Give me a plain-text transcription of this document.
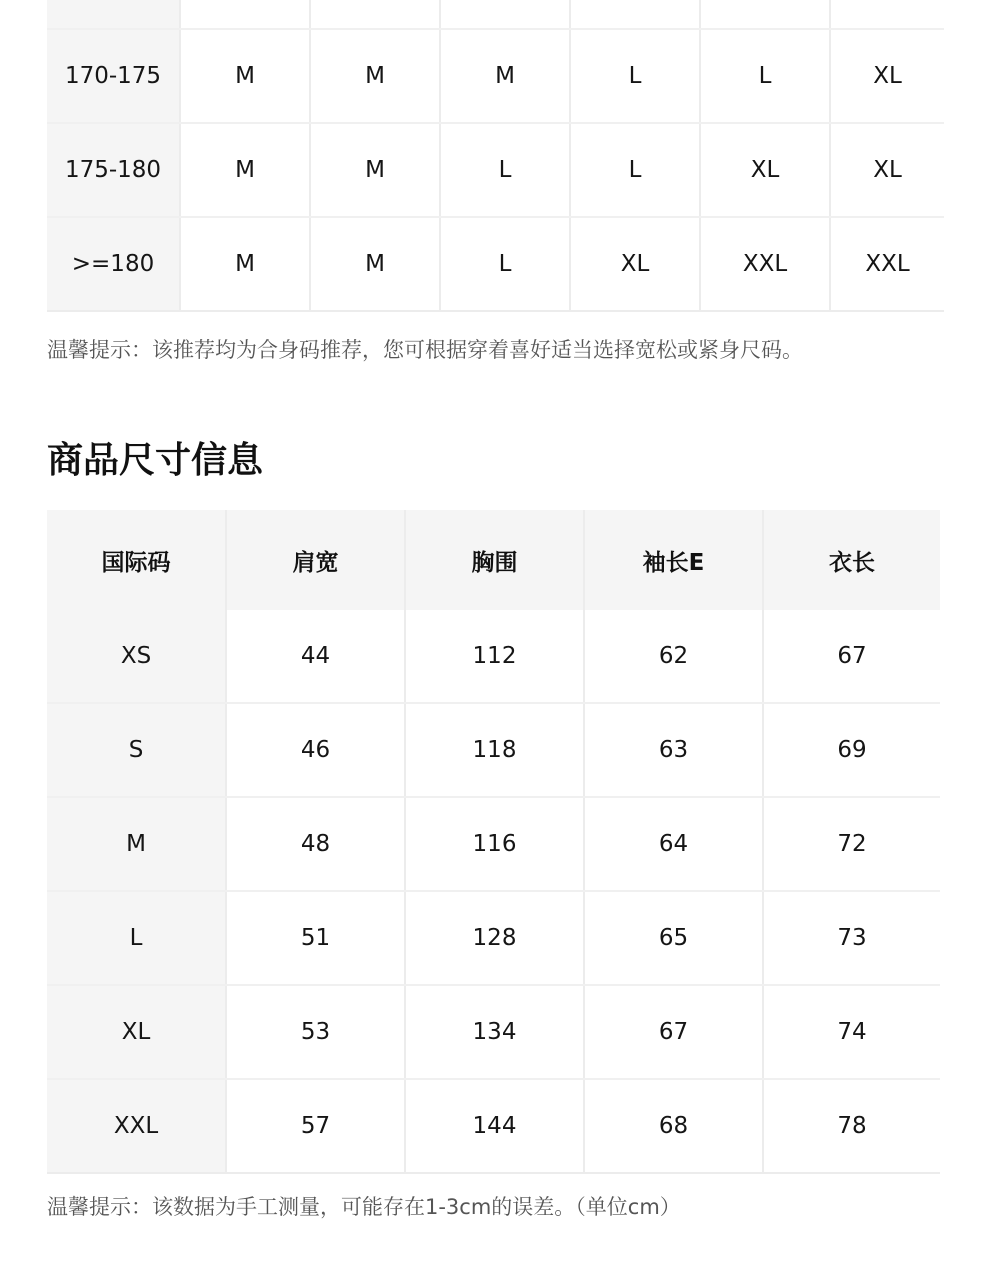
170-175	M	M	M	L	L	XL
175-180	M	M	L	L	XL	XL
>=180	M	M	L	XL	XXL	XXL
温馨提示：该推荐均为合身码推荐，您可根据穿着喜好适当选择宽松或紧身尺码。
商品尺寸信息
国际码	肩宽	胸围	袖长E	衣长
XS	44	112	62	67
S	46	118	63	69
M	48	116	64	72
L	51	128	65	73
XL	53	134	67	74
XXL	57	144	68	78
温馨提示：该数据为手工测量，可能存在1-3cm的误差。（单位cm）
